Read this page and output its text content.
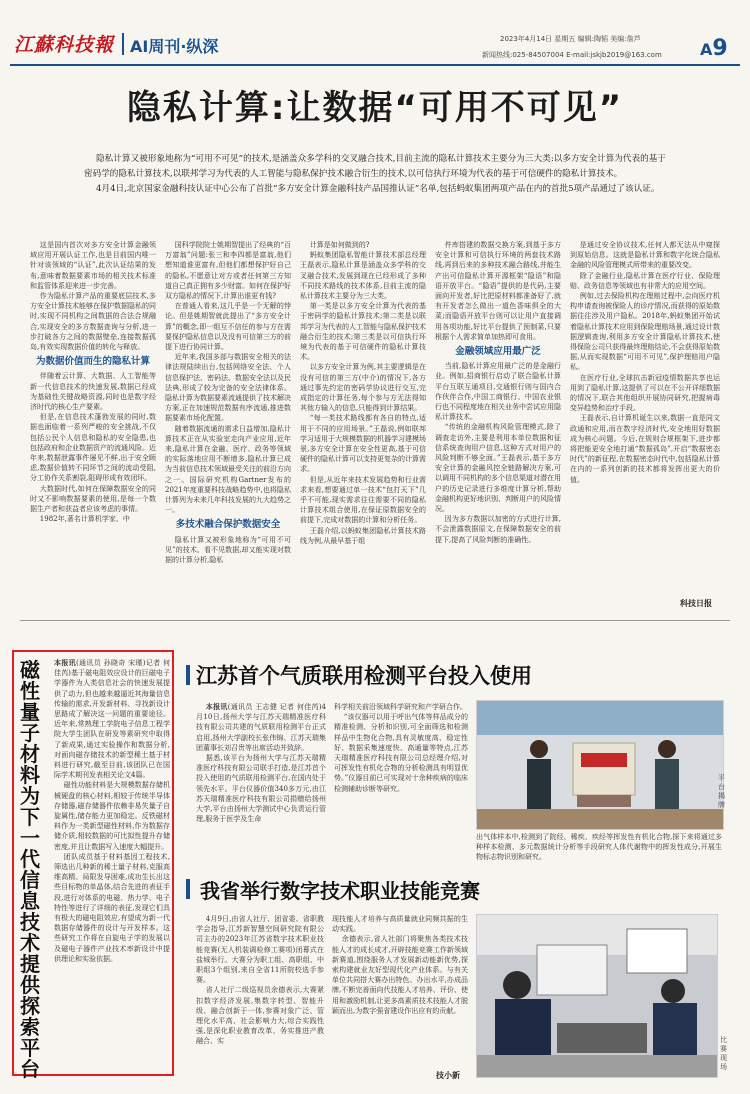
江蘇科技報 AI周刊·纵深	2023年4月14日 星期五 编辑:陶韬 美编:詹芦
新闻热线:025-84507004 E-mail:jskjb2019@163.com A9
隐私计算:让数据“可用不可见”

隐私计算又被形象地称为“可用不可见”的技术,是涵盖众多学科的交叉融合技术,目前主流的隐私计算技术主要分为三大类:以多方安全计算为代表的基于密码学的隐私计算技术,以联邦学习为代表的人工智能与隐私保护技术融合衍生的技术,以可信执行环境为代表的基于可信硬件的隐私计算技术。

4月4日,北京国家金融科技认证中心公布了首批“多方安全计算金融科技产品国推认证”名单,包括蚂蚁集团两项产品在内的首批5项产品通过了该认证。

这是国内首次对多方安全计算金融领域应用开展认证工作,也是目前国内唯一针对该领域的“认证”,此次认证结果的发布,意味着数据要素市场的相关技术标准和监管体系迎来进一步完善。

作为隐私计算产品的重要底层技术,多方安全计算技术能够在保护数据隐私的同时,实现不同机构之间数据的合法合规融合,实现安全的多方数据查询与分析,进一步打破各方之间的数据壁垒,连接数据孤岛,有效实现数据价值的转化与释放。

为数据价值而生的隐私计算

伴随着云计算、大数据、人工智能等新一代信息技术的快速发展,数据已经成为基础性关键战略资源,同时也是数字经济时代的核心生产要素。

但是,在信息技术蓬勃发展的同时,数据也面临着一系列严峻的安全挑战,不仅包括公民个人信息和隐私的安全隐患,也包括政府和企业数据资产的流通风险。近年来,数据泄露事件屡见不鲜,出于安全顾虑,数据价值转不同环节之间的流动受阻,分工协作关系割裂,阻碍形成有效闭环。

大数据时代,如何在保障数据安全的同时又不影响数据要素的使用,是每一个数据生产者和获益者应该考虑的事情。

1982年,著名计算机学家、中

国科学院院士姚期智提出了经典的“百万富翁”问题:张三和李四都是富翁,他们想知道谁更富有,但他们都想保护好自己的隐私,不愿意让对方或者任何第三方知道自己真正拥有多少财富。如何在保护好双方隐私的情况下,计算出谁更有钱?

在普通人看来,这几乎是一个无解的悖论。但是姚期智就此提出了“多方安全计算”的概念,即一组互不信任的参与方在需要保护隐私信息以及没有可信第三方的前提下进行协同计算。

近年来,我国多部与数据安全相关的法律法规陆续出台,包括网络安全法、个人信息保护法、密码法、数据安全法以及民法典,形成了较为完备的安全法律体系。隐私计算为数据要素流通提供了技术解决方案,正在加速规范数据有序流通,推进数据要素市场化配置。

随着数据流通的需求日益增加,隐私计算技术正在从实验室走向产业应用,近年来,隐私计算在金融、医疗、政务等领域的实际落地应用不断增多,隐私计算已成为当前信息技术领域最受关注的前沿方向之一。国际研究机构Gartner发布的2021年度重要科技战略趋势中,也将隐私计算列为未来几年科技发展的九大趋势之一。

多技术融合保护数据安全

隐私计算又被形象地称为“可用不可见”的技术。看不见数据,却又能实现对数据的计算分析,隐私

计算是如何做到的?

蚂蚁集团隐私智能计算技术部总经理王磊表示,隐私计算是涵盖众多学科的交叉融合技术,发展到现在已经形成了多种不同技术路线的技术体系,目前主流的隐私计算技术主要分为三大类。

第一类是以多方安全计算为代表的基于密码学的隐私计算技术;第二类是以联邦学习为代表的人工智能与隐私保护技术融合衍生的技术;第三类是以可信执行环境为代表的基于可信硬件的隐私计算技术。

以多方安全计算为例,其主要逻辑是在没有可信的第三方(中介)的情况下,各方通过事先约定的密码学协议进行交互,完成指定的计算任务,每个参与方无法得知其他方输入的信息,只能得到计算结果。

“每一类技术路线都有各自的特点,适用于不同的应用场景。”王磊说,例如联邦学习适用于大规模数据的机器学习建模场景,多方安全计算在安全性更高,基于可信硬件的隐私计算可以支持更复杂的计算需求。

但是,从近年来技术发展趋势和行业需求来看,想要通过单一技术“包打天下”几乎不可能,现实需求往往需要不同的隐私计算技术组合使用,在保证原数据安全的前提下,完成对数据的计算和分析任务。

王磊介绍,以蚂蚁集团隐私计算技术路线为例,从最早基于组

件库搭建的数据交换方案,到基于多方安全计算和可信执行环境的两套技术路线,再到后来的多种技术融合路线,并能生产出可信隐私计算开源框架“隐语”和隐语开放平台。“隐语”提供的是代码,主要面向开发者,好比把原材料都准备好了,就有开发者怎么做出一道色香味俱全的大菜;而隐语开放平台则可以让用户直接调用各项功能,好比平台提供了预制菜,只要根据个人需求简单加热即可食用。

金融领域应用最广泛

当前,隐私计算应用最广泛的是金融行业。例如,招商银行启动了联合隐私计算平台互联互通项目,交通银行则与国内合作伙伴合作,中国工商银行、中国农业银行也不同程度地在相关业务中尝试应用隐私计算技术。

“传统的金融机构风险管理模式,除了调查走访外,主要是利用本单位数据和征信系统查询用户信息,这种方式对用户的风险判断不够全面。”王磊表示,基于多方安全计算的金融风控全链路解决方案,可以调用不同机构的多个信息渠道对潜在用户的历史记录进行多维度计算分析,帮助金融机构更好地识别、判断用户的风险情况。

因为多方数据以加密的方式进行计算,不会泄露数据原文,在保障数据安全的前提下,提高了风险判断的准确性。

是通过安全协议技术,任何人都无法从中窥探到原始信息。这就是隐私计算和数字化统合隐私金融的风险管理模式所带来的重要改变。

除了金融行业,隐私计算在医疗行业、保险理赔、政务信息等领域也有非常大的应用空间。

例如,过去保险机构在理赔过程中,会向医疗机构申请查询被保险人的诊疗情况,而获得的原始数据往往涉及用户隐私。2018年,蚂蚁集团开始试着隐私计算技术应用到保险理赔场景,通过设计数据逻辑查询,利用多方安全计算隐私计算技术,使得保险公司只获得最终理赔结论,不会获得原始数据,从而实现数据“可用不可见”,保护理赔用户隐私。

在医疗行业,全球抗击新冠疫情数据共享也运用到了隐私计算,这提供了可以在不公开详细数据的情况下,联合其他组织开展协同研究,把握病毒变异趋势和治疗手段。

王磊表示,自计算机诞生以来,数据一直是同文政通和应用,而在数字经济时代,安全地用好数据成为核心问题。今后,在规则合规框架下,进步都将把能更安全地打通“数据孤岛”,开启“数据密态时代”的新征程,在数据密态时代中,包括隐私计算在内的一系列创新的技术都将发挥出更大的价值。

科技日报
磁性量子材料为下一代信息技术提供探索平台

本报讯(通讯员 孙晓奇 宋瑾)记者 何佳芮)基于磁电阻效应设计的巨磁电子学器件为人类信息社会的快速发展提供了动力,但也越来越逼近其海量信息传输的需求,开发新材料、寻找新设计思路成了解决这一问题的重要途径。近年来,常熟理工学院电子信息工程学院大学生团队在研发等素研究中取得了新成果,通过实验操作和数据分析,对面向磁存储技术的新型稀土基于材料进行研究,截至目前,该团队已在国际学术期刊发表相关论文4篇。

磁性功能材料是大规模数据存储机械硬盘的核心材料,相较于传统半导体存储器,磁存储器件依赖非易失量子自旋属性,储存能力更加稳定。反铁磁材料作为一类新型磁性材料,作为数据存储介质,相较数据的可比拟性提升存储密度,并且让数据写入速度大幅提升。

团队成员基于材料基因工程技术,筛选出几种新的稀土量子材料,克服高维高精、局限发导困难,成功生长出这些目标物的单晶体,结合先进的表征手段,进行对体系的电磁、热力学、电子特性等进行了详细的表征,发现它们具有极大的磁电阻效应,有望成为新一代数据存储器件的设计与开发样本。这些研究工作将在自旋电子学的发展以及磁电子器件产业技术率新设计中提供理论和实验依据。

江苏首个气质联用检测平台投入使用

本报讯(通讯员 王志健 记者 何佳芮)4月10日,扬州大学与江苏天瑞精准医疗科技有限公司共建的气质联用检测平台正式启用,扬州大学副校长张伟锦、江苏天瑞集团董事长刘召贵等出席活动并致辞。

据悉,该平台为扬州大学与江苏天瑞精准医疗科技有限公司联手打造,是江苏首个投入使用的气质联用检测平台,在国内处于领先水平。平台仪器价值340多万元,由江苏天瑞精准医疗科技有限公司捐赠给扬州大学,平台由扬州大学测试中心负责运行管理,服务于医学及生命

科学相关前沿领域科学研究和产学研合作。

“该仪器可以用于呼出气体等样品成分的精准检测、分析和识别,可全面筛选和检测样品中生物化合物,具有灵敏度高、稳定性好、数据采集速度快、高通量等特点,江苏天瑞精准医疗科技有限公司总经理介绍,对可挥发性有机化合物的分析检测具有明显优势。”仪器目前已可实现对十余种疾病的临床检测辅助诊断等研究。

平台揭牌

出气体样本中,检测到了院经、稀疾、疾经等挥发性有机化合物,探下来将通过多种样本检测、多元数据统计分析等手段研究人体代谢物中的挥发性成分,开展生物标志物识别和研究。

我省举行数字技术职业技能竞赛

4月9日,由省人社厅、团省委、省职教学会指导,江苏新智慧空间研究院有限公司主办的2023年江苏省数字技术职业技能竞赛(无人机装调检修工赛项)闭幕式在盐城举行。大赛分为职工组、高职组、中职组3个组别,来自全省11所院校选手参赛。

省人社厅二级巡视员余德表示,大赛紧扣数字经济发展,集数字转型、智能升级、融合创新于一体,参赛对象广泛、管理化水平高、社会影响力大,综合实践性强,是深化职业教育改革、务实推进产教融合、实

现技能人才培养与高质量就业同频共振的生动实践。

余德表示,省人社部门将聚焦各类技术技能人才的成长成才,开辟技能竞赛工作新领域新赛道,围绕服务人才发展新动能新优势,探索构建就业友好型现代化产业体系。与有关单位共同搭大赛办出特色、办出水平,办成品牌,不断完善面向代技能人才培养、评价、使用和激励机制,让更多高素质技术技能人才脱颖而出,为数字强省建设作出应有的贡献。

技小新
比赛现场
